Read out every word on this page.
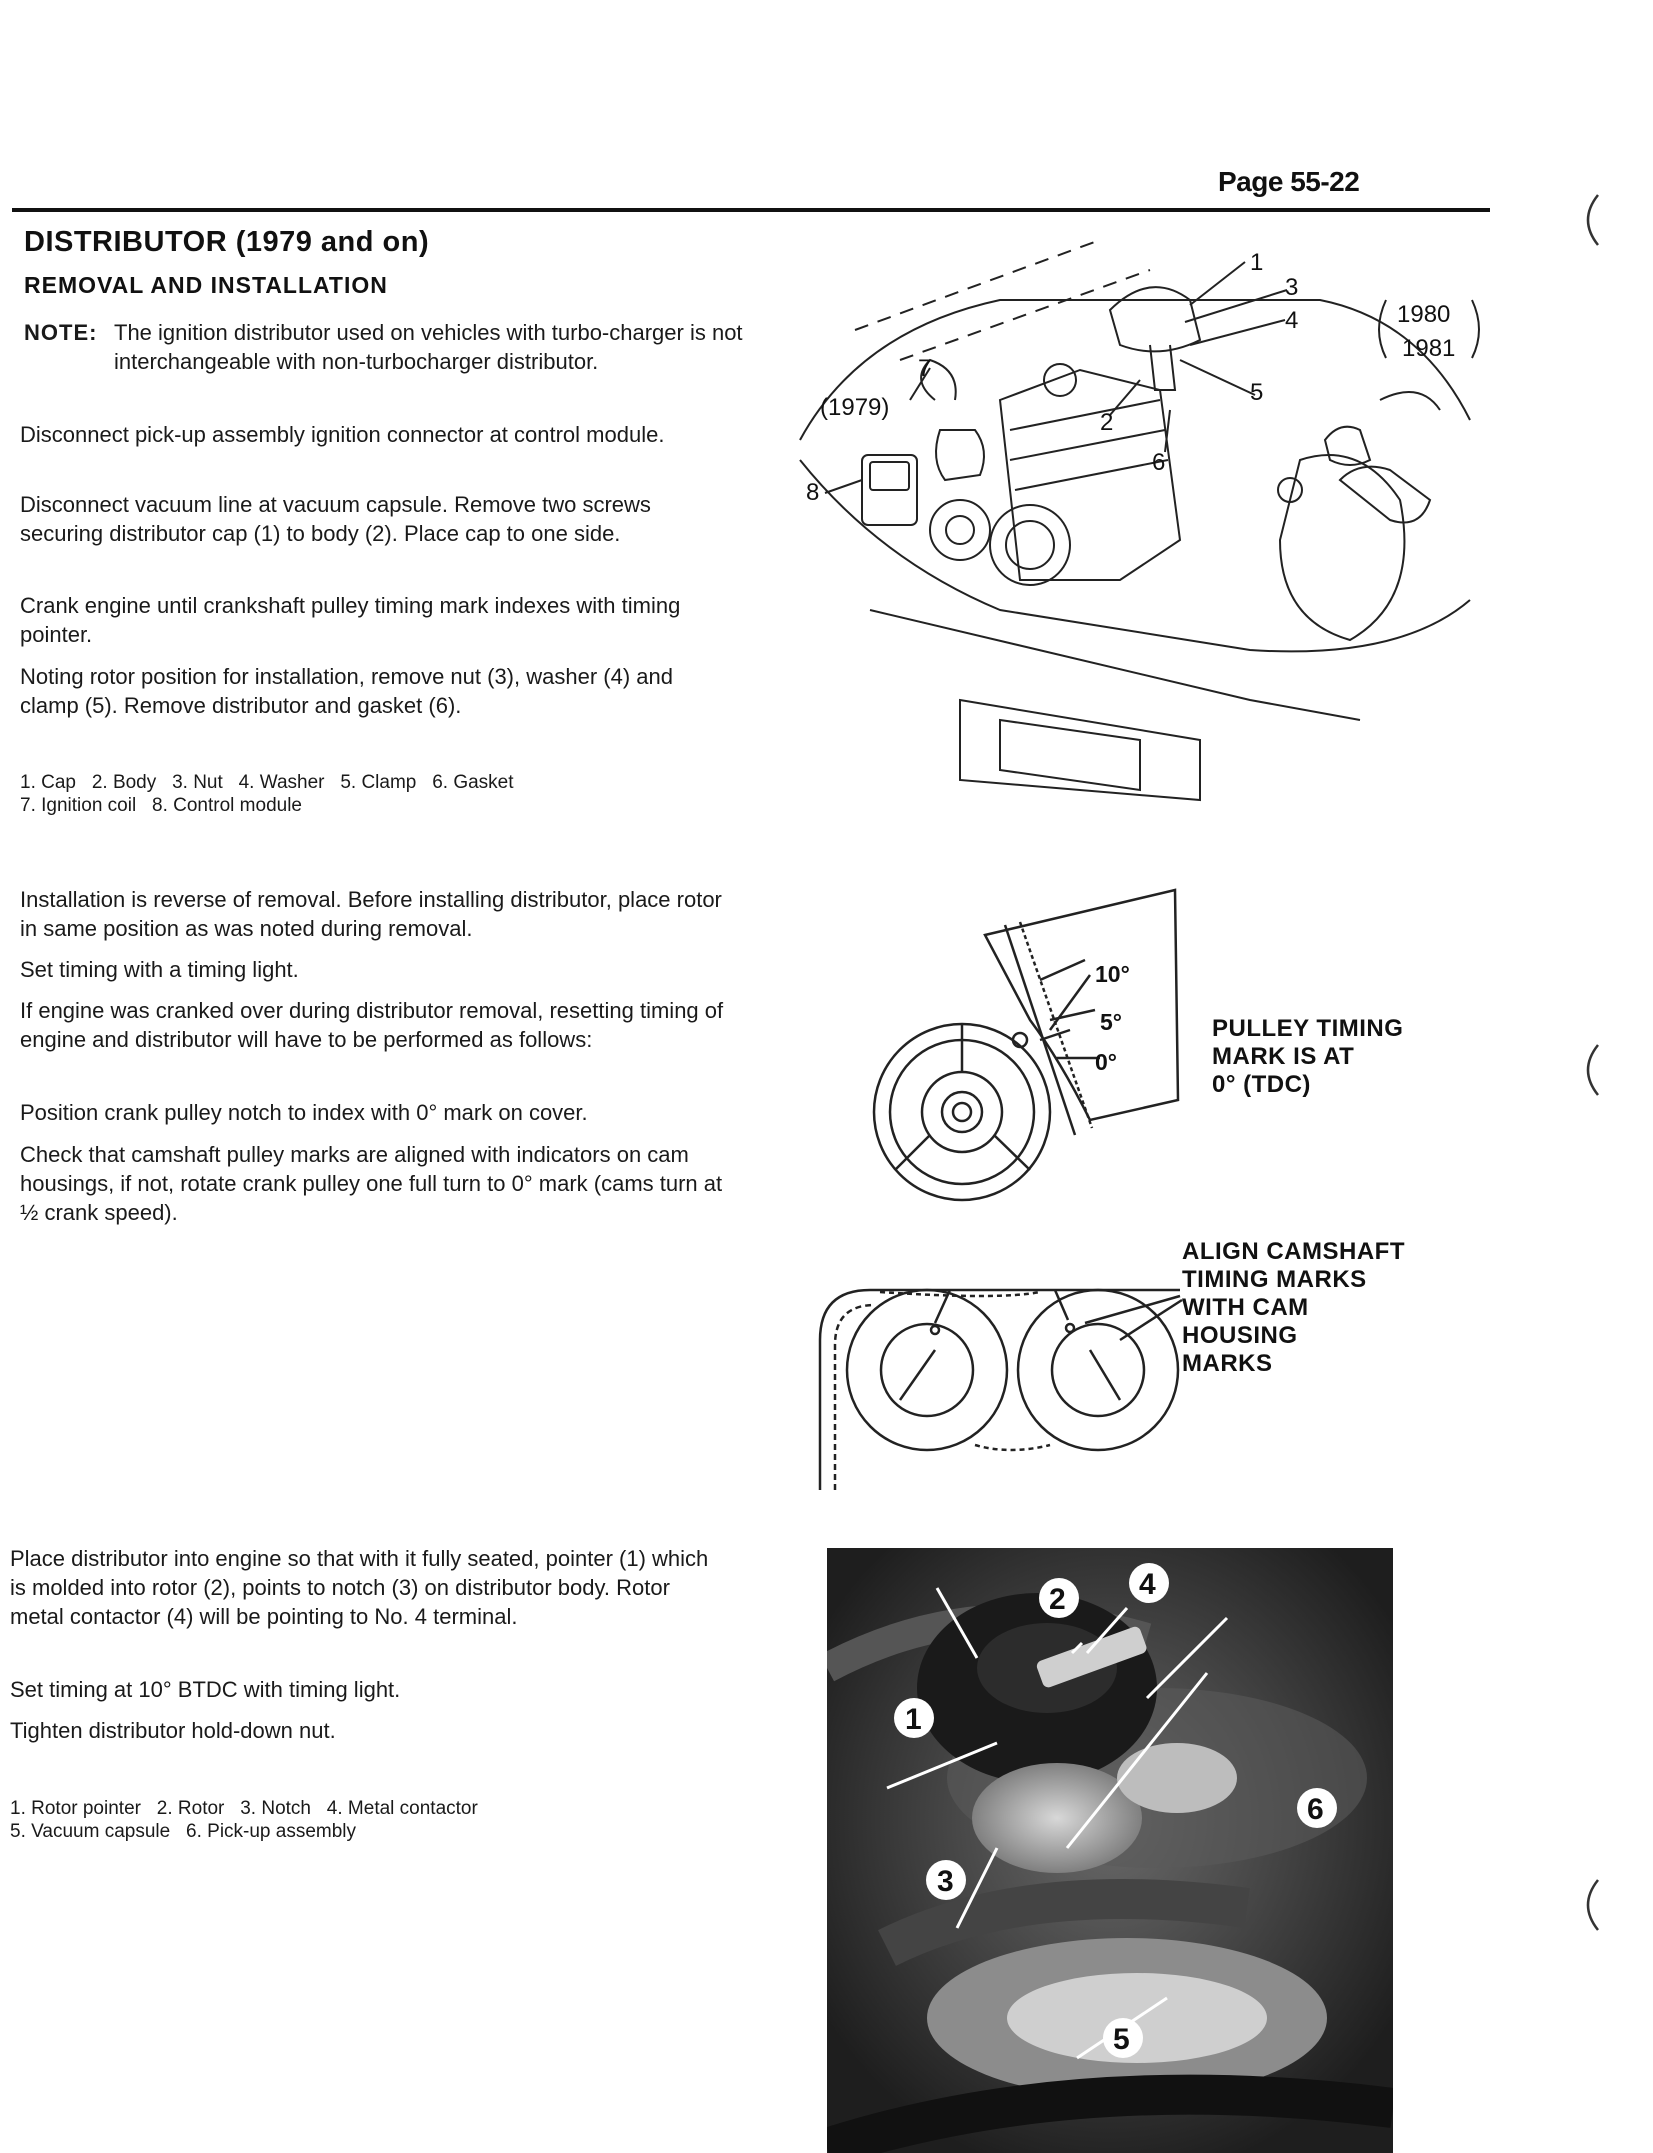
Page 55-22
DISTRIBUTOR (1979 and on)
REMOVAL AND INSTALLATION
NOTE: The ignition distributor used on vehicles with turbo-charger is not interchangeable with non-turbocharger distributor.
Disconnect pick-up assembly ignition connector at control module.
Disconnect vacuum line at vacuum capsule. Remove two screws securing distributor cap (1) to body (2). Place cap to one side.
Crank engine until crankshaft pulley timing mark indexes with timing pointer.
Noting rotor position for installation, remove nut (3), washer (4) and clamp (5). Remove distributor and gasket (6).
1. Cap   2. Body   3. Nut   4. Washer   5. Clamp   6. Gasket
7. Ignition coil   8. Control module
Installation is reverse of removal. Before installing distributor, place rotor in same position as was noted during removal.
Set timing with a timing light.
If engine was cranked over during distributor removal, resetting timing of engine and distributor will have to be performed as follows:
Position crank pulley notch to index with 0° mark on cover.
Check that camshaft pulley marks are aligned with indicators on cam housings, if not, rotate crank pulley one full turn to 0° mark (cams turn at ½ crank speed).
Place distributor into engine so that with it fully seated, pointer (1) which is molded into rotor (2), points to notch (3) on distributor body. Rotor metal contactor (4) will be pointing to No. 4 terminal.
Set timing at 10° BTDC with timing light.
Tighten distributor hold-down nut.
1. Rotor pointer   2. Rotor   3. Notch   4. Metal contactor
5. Vacuum capsule   6. Pick-up assembly
1
3
4
2
5
6
7
8
(1979)
1980
1981
10°
5°
0°
PULLEY TIMING
MARK IS AT
0° (TDC)
ALIGN CAMSHAFT
TIMING MARKS
WITH CAM
HOUSING
MARKS
2 4
1
3
6
5
